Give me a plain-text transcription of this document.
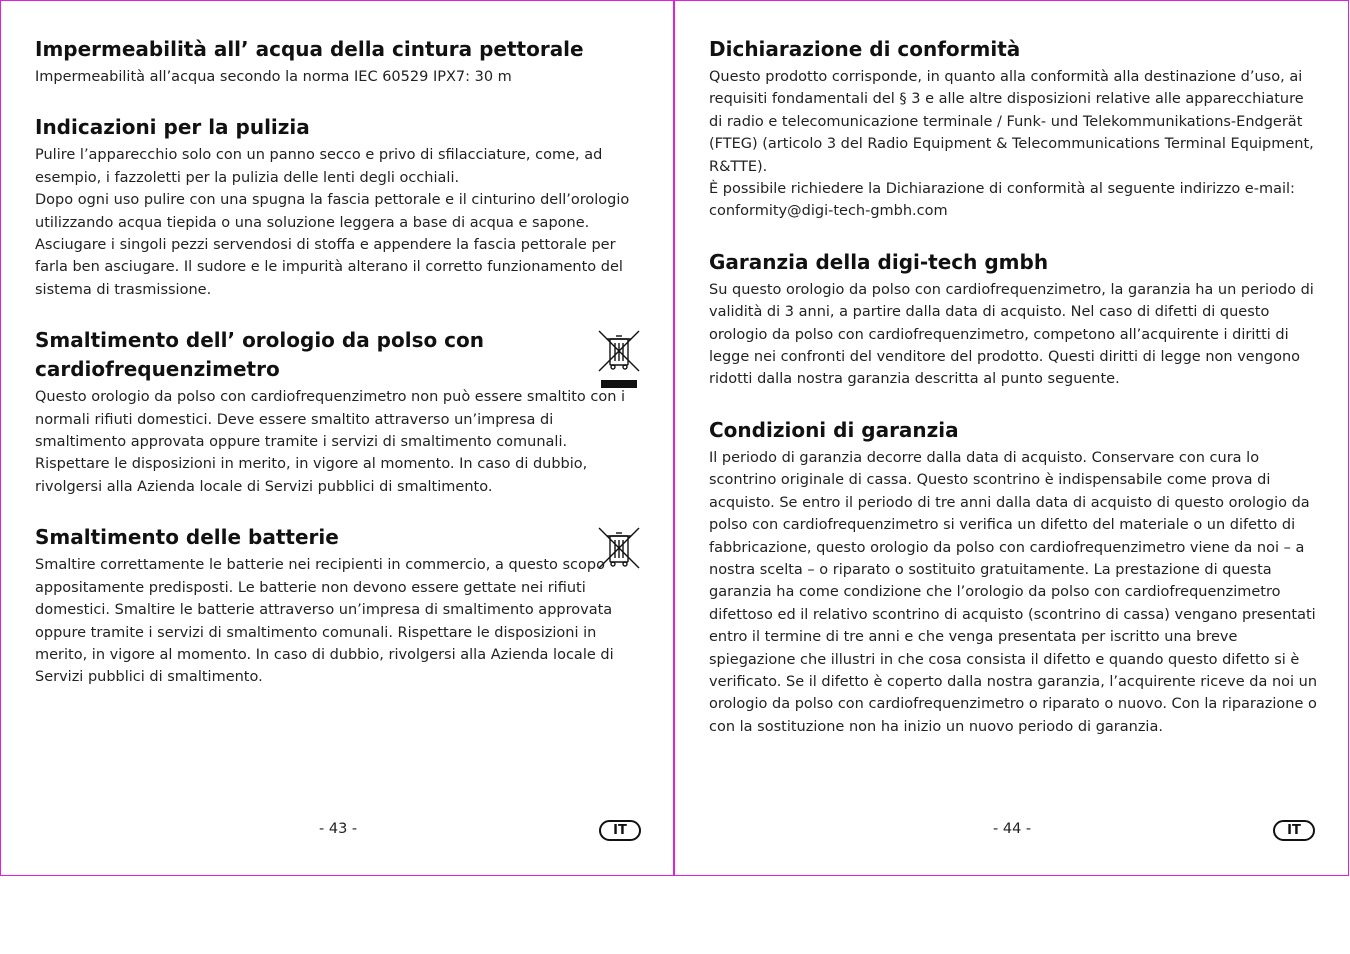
Impermeabilità all’ acqua della cintura pettorale

Impermeabilità all’acqua secondo la norma IEC 60529 IPX7: 30 m

Indicazioni per la pulizia

Pulire l’apparecchio solo con un panno secco e privo di sfilacciature, come, ad esempio, i fazzoletti per la pulizia delle lenti degli occhiali.
Dopo ogni uso pulire con una spugna la fascia pettorale e il cinturino dell’orologio utilizzando acqua tiepida o una soluzione leggera a base di acqua e sapone. Asciugare i singoli pezzi servendosi di stoffa e appendere la fascia pettorale per farla ben asciugare. Il sudore e le impurità alterano il corretto funzionamento del sistema di trasmissione.

Smaltimento dell’ orologio da polso con cardiofrequenzimetro

Questo orologio da polso con cardiofrequenzimetro non può essere smaltito con i normali rifiuti domestici. Deve essere smaltito attraverso un’impresa di smaltimento approvata oppure tramite i servizi di smaltimento comunali. Rispettare le disposizioni in merito, in vigore al momento. In caso di dubbio, rivolgersi alla Azienda locale di Servizi pubblici di smaltimento.

Smaltimento delle batterie

Smaltire correttamente le batterie nei recipienti in commercio, a questo scopo appositamente predisposti. Le batterie non devono essere gettate nei rifiuti domestici. Smaltire le batterie attraverso un’impresa di smaltimento approvata oppure tramite i servizi di smaltimento comunali. Rispettare le disposizioni in merito, in vigore al momento. In caso di dubbio, rivolgersi alla Azienda locale di Servizi pubblici di smaltimento.

- 43 -	IT
Dichiarazione di conformità

Questo prodotto corrisponde, in quanto alla conformità alla destinazione d’uso, ai requisiti fondamentali del § 3 e alle altre disposizioni relative alle apparecchiature di radio e telecomunicazione terminale / Funk- und Telekommunikations-Endgerät (FTEG) (articolo 3 del Radio Equipment & Telecommunications Terminal Equipment, R&TTE).
È possibile richiedere la Dichiarazione di conformità al seguente indirizzo e-mail: conformity@digi-tech-gmbh.com

Garanzia della digi-tech gmbh

Su questo orologio da polso con cardiofrequenzimetro, la garanzia ha un periodo di validità di 3 anni, a partire dalla data di acquisto. Nel caso di difetti di questo orologio da polso con cardiofrequenzimetro, competono all’acquirente i diritti di legge nei confronti del venditore del prodotto. Questi diritti di legge non vengono ridotti dalla nostra garanzia descritta al punto seguente.

Condizioni di garanzia

Il periodo di garanzia decorre dalla data di acquisto. Conservare con cura lo scontrino originale di cassa. Questo scontrino è indispensabile come prova di acquisto. Se entro il periodo di tre anni dalla data di acquisto di questo orologio da polso con cardiofrequenzimetro si verifica un difetto del materiale o un difetto di fabbricazione, questo orologio da polso con cardiofrequenzimetro viene da noi – a nostra scelta – o riparato o sostituito gratuitamente. La prestazione di questa garanzia ha come condizione che l’orologio da polso con cardiofrequenzimetro difettoso ed il relativo scontrino di acquisto (scontrino di cassa) vengano presentati entro il termine di tre anni e che venga presentata per iscritto una breve spiegazione che illustri in che cosa consista il difetto e quando questo difetto si è verificato. Se il difetto è coperto dalla nostra garanzia, l’acquirente riceve da noi un orologio da polso con cardiofrequenzimetro o riparato o nuovo. Con la riparazione o con la sostituzione non ha inizio un nuovo periodo di garanzia.

- 44 -	IT
